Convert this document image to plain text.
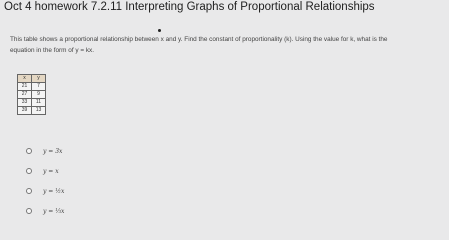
Oct 4 homework 7.2.11 Interpreting Graphs of Proportional Relationships
This table shows a proportional relationship between x and y. Find the constant of proportionality (k). Using the value for k, what is the
equation in the form of y = kx.
x	y
21	7
27	9
33	11
39	13
y = 3x
y = x
y = ½x
y = ⅓x
